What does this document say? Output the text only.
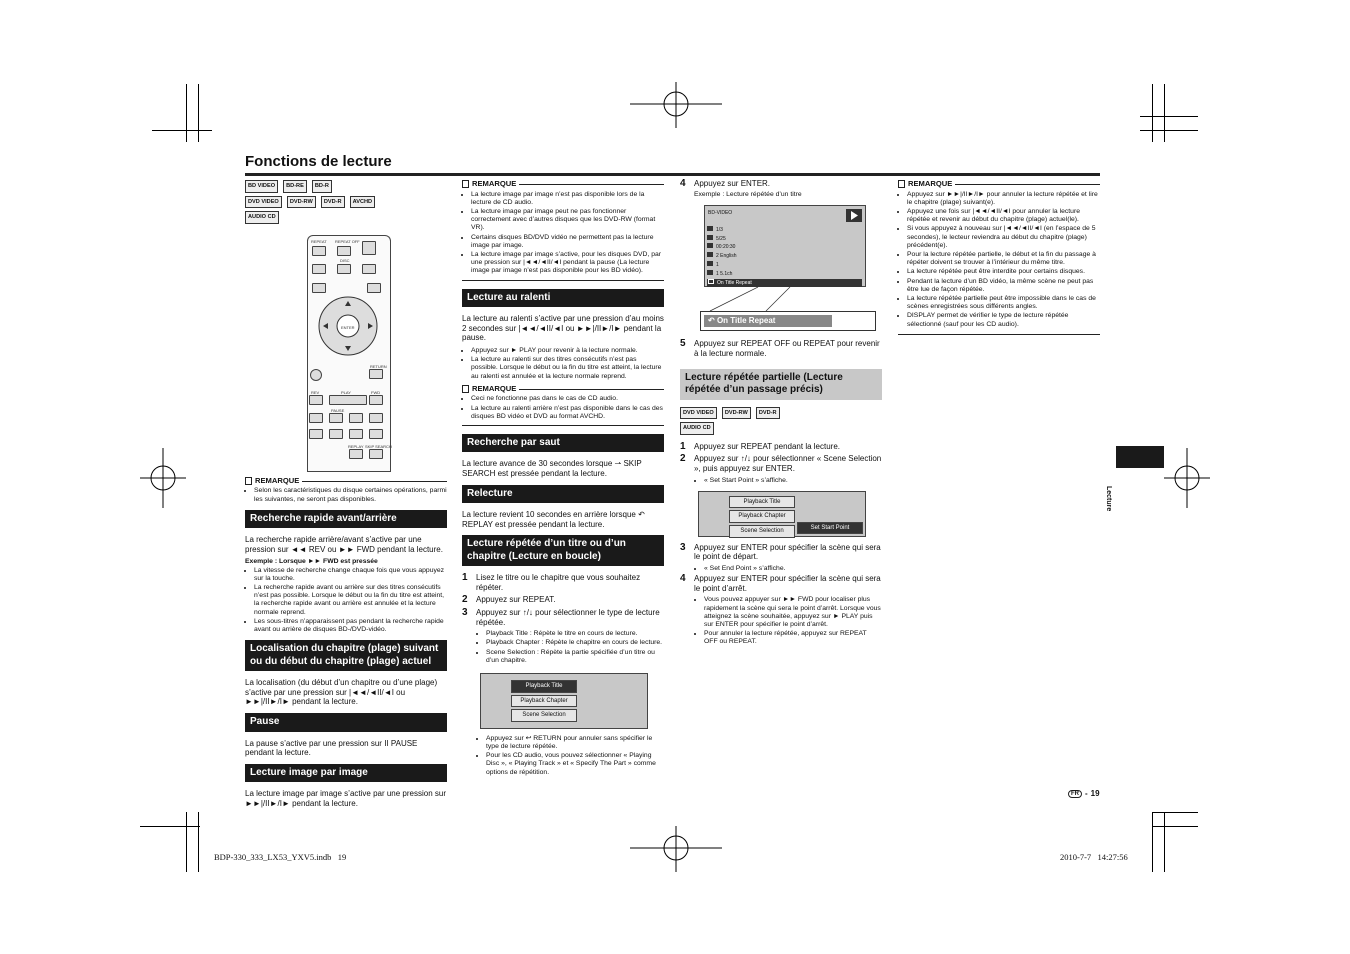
Fonctions de lecture
Lecture
FR - 19
BDP-330_333_LX53_YXV5.indb   19	2010-7-7   14:27:56
BD VIDEO BD-RE BD-R
DVD VIDEO DVD-RW DVD-R AVCHD
AUDIO CD
REPEAT REPEAT OFF
DISC
ENTER
RETURN
REV	PLAY	FWD
PAUSE
REPLAY SKIP SEARCH
REMARQUE
• Selon les caractéristiques du disque certaines opérations, parmi les suivantes, ne seront pas disponibles.
Recherche rapide avant/arrière

La recherche rapide arrière/avant s’active par une pression sur ◄◄ REV ou ►► FWD pendant la lecture.

Exemple : Lorsque ►► FWD est pressée
• La vitesse de recherche change chaque fois que vous appuyez sur la touche.
• La recherche rapide avant ou arrière sur des titres consécutifs n’est pas possible. Lorsque le début ou la fin du titre est atteint, la recherche rapide avant ou arrière est annulée et la lecture normale reprend.
• Les sous-titres n’apparaissent pas pendant la recherche rapide avant ou arrière de disques BD-/DVD-vidéo.
Localisation du chapitre (plage) suivant ou du début du chapitre (plage) actuel

La localisation (du début d’un chapitre ou d’une plage) s’active par une pression sur |◄◄/◄II/◄I ou ►►|/II►/I► pendant la lecture.

Pause

La pause s’active par une pression sur II PAUSE pendant la lecture.

Lecture image par image

La lecture image par image s’active par une pression sur ►►|/II►/I► pendant la lecture.

REMARQUE
• La lecture image par image n’est pas disponible lors de la lecture de CD audio.
• La lecture image par image peut ne pas fonctionner correctement avec d’autres disques que les DVD-RW (format VR).
• Certains disques BD/DVD vidéo ne permettent pas la lecture image par image.
• La lecture image par image s’active, pour les disques DVD, par une pression sur |◄◄/◄II/◄I pendant la pause (La lecture image par image n’est pas disponible pour les BD vidéo).
Lecture au ralenti

La lecture au ralenti s’active par une pression d’au moins 2 secondes sur |◄◄/◄II/◄I ou ►►|/II►/I► pendant la pause.

• Appuyez sur ► PLAY pour revenir à la lecture normale.
• La lecture au ralenti sur des titres consécutifs n’est pas possible. Lorsque le début ou la fin du titre est atteint, la lecture au ralenti est annulée et la lecture normale reprend.
REMARQUE
• Ceci ne fonctionne pas dans le cas de CD audio.
• La lecture au ralenti arrière n’est pas disponible dans le cas des disques BD vidéo et DVD au format AVCHD.
Recherche par saut

La lecture avance de 30 secondes lorsque ⇀ SKIP SEARCH est pressée pendant la lecture.

Relecture

La lecture revient 10 secondes en arrière lorsque ↶ REPLAY est pressée pendant la lecture.

Lecture répétée d’un titre ou d’un chapitre (Lecture en boucle)
1	Lisez le titre ou le chapitre que vous souhaitez répéter.
2	Appuyez sur REPEAT.
3	Appuyez sur ↑/↓ pour sélectionner le type de lecture répétée.
• Playback Title : Répète le titre en cours de lecture.
• Playback Chapter : Répète le chapitre en cours de lecture.
• Scene Selection : Répète la partie spécifiée d’un titre ou d’un chapitre.
Playback Title
Playback Chapter
Scene Selection
• Appuyez sur ↩ RETURN pour annuler sans spécifier le type de lecture répétée.
• Pour les CD audio, vous pouvez sélectionner « Playing Disc », « Playing Track » et « Specify The Part » comme options de répétition.
4	Appuyez sur ENTER.
Exemple : Lecture répétée d’un titre
BD-VIDEO
1/3
5/25
00:20:30
2 English
1
1 5.1ch
On Title Repeat
↶ On Title Repeat
5	Appuyez sur REPEAT OFF ou REPEAT pour revenir à la lecture normale.
Lecture répétée partielle (Lecture répétée d’un passage précis)
DVD VIDEO DVD-RW DVD-R
AUDIO CD
1	Appuyez sur REPEAT pendant la lecture.
2	Appuyez sur ↑/↓ pour sélectionner « Scene Selection », puis appuyez sur ENTER.
• « Set Start Point » s’affiche.
Playback Title
Playback Chapter
Scene Selection
Set Start Point
3	Appuyez sur ENTER pour spécifier la scène qui sera le point de départ.
• « Set End Point » s’affiche.
4	Appuyez sur ENTER pour spécifier la scène qui sera le point d’arrêt.
• Vous pouvez appuyer sur ►► FWD pour localiser plus rapidement la scène qui sera le point d’arrêt. Lorsque vous atteignez la scène souhaitée, appuyez sur ► PLAY puis sur ENTER pour spécifier le point d’arrêt.
• Pour annuler la lecture répétée, appuyez sur REPEAT OFF ou REPEAT.
REMARQUE
• Appuyez sur ►►|/II►/I► pour annuler la lecture répétée et lire le chapitre (plage) suivant(e).
• Appuyez une fois sur |◄◄/◄II/◄I pour annuler la lecture répétée et revenir au début du chapitre (plage) actuel(le).
• Si vous appuyez à nouveau sur |◄◄/◄II/◄I (en l’espace de 5 secondes), le lecteur reviendra au début du chapitre (plage) précédent(e).
• Pour la lecture répétée partielle, le début et la fin du passage à répéter doivent se trouver à l’intérieur du même titre.
• La lecture répétée peut être interdite pour certains disques.
• Pendant la lecture d’un BD vidéo, la même scène ne peut pas être lue de façon répétée.
• La lecture répétée partielle peut être impossible dans le cas de scènes enregistrées sous différents angles.
• DISPLAY permet de vérifier le type de lecture répétée sélectionné (sauf pour les CD audio).
